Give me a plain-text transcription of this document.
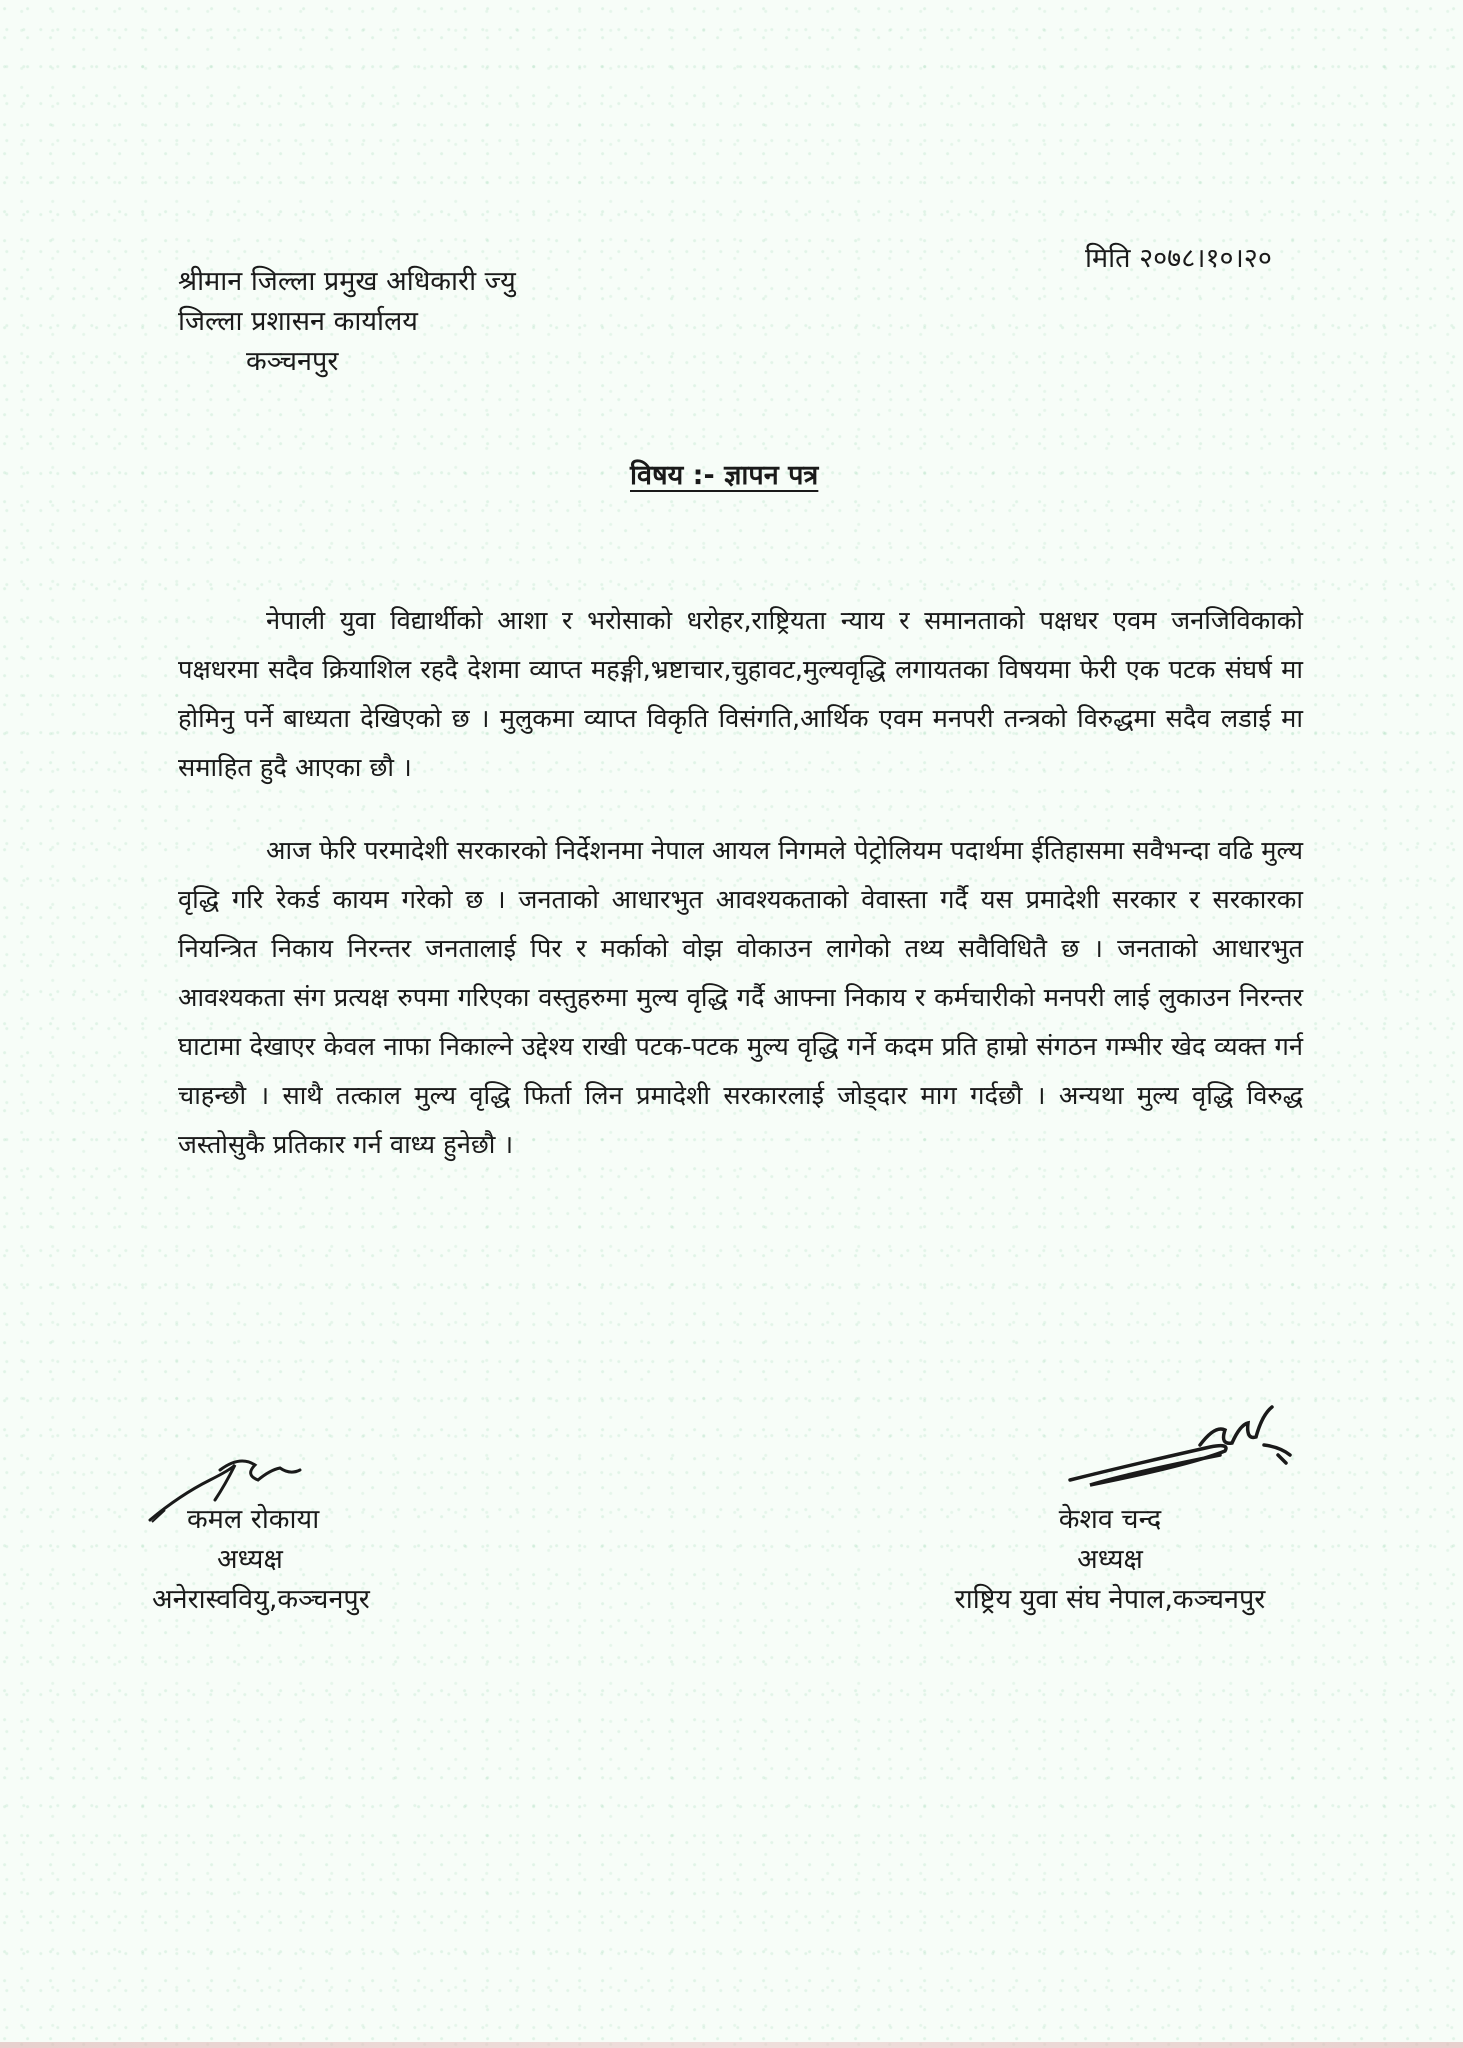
मिति २०७८।१०।२०
श्रीमान जिल्ला प्रमुख अधिकारी ज्यु
जिल्ला प्रशासन कार्यालय
कञ्चनपुर
विषय :- ज्ञापन पत्र

नेपाली युवा विद्यार्थीको आशा र भरोसाको धरोहर,राष्ट्रियता न्याय र समानताको पक्षधर एवम जनजिविकाको पक्षधरमा सदैव क्रियाशिल रहदै देशमा व्याप्त महङ्गी,भ्रष्टाचार,चुहावट,मुल्यवृद्धि लगायतका विषयमा फेरी एक पटक संघर्ष मा होमिनु पर्ने बाध्यता देखिएको छ । मुलुकमा व्याप्त विकृति विसंगति,आर्थिक एवम मनपरी तन्त्रको विरुद्धमा सदैव लडाई मा समाहित हुदै आएका छौ ।

आज फेरि परमादेशी सरकारको निर्देशनमा नेपाल आयल निगमले पेट्रोलियम पदार्थमा ईतिहासमा सवैभन्दा वढि मुल्य वृद्धि गरि रेकर्ड कायम गरेको छ । जनताको आधारभुत आवश्यकताको वेवास्ता गर्दै यस प्रमादेशी सरकार र सरकारका नियन्त्रित निकाय निरन्तर जनतालाई पिर र मर्काको वोझ वोकाउन लागेको तथ्य सवैविधितै छ । जनताको आधारभुत आवश्यकता संग प्रत्यक्ष रुपमा गरिएका वस्तुहरुमा मुल्य वृद्धि गर्दै आफ्ना निकाय र कर्मचारीको मनपरी लाई लुकाउन निरन्तर घाटामा देखाएर केवल नाफा निकाल्ने उद्देश्य राखी पटक-पटक मुल्य वृद्धि गर्ने कदम प्रति हाम्रो संगठन गम्भीर खेद व्यक्त गर्न चाहन्छौ । साथै तत्काल मुल्य वृद्धि फिर्ता लिन प्रमादेशी सरकारलाई जोड्दार माग गर्दछौ । अन्यथा मुल्य वृद्धि विरुद्ध जस्तोसुकै प्रतिकार गर्न वाध्य हुनेछौ ।

कमल रोकाया
अध्यक्ष
अनेरास्ववियु,कञ्चनपुर
केशव चन्द
अध्यक्ष
राष्ट्रिय युवा संघ नेपाल,कञ्चनपुर
